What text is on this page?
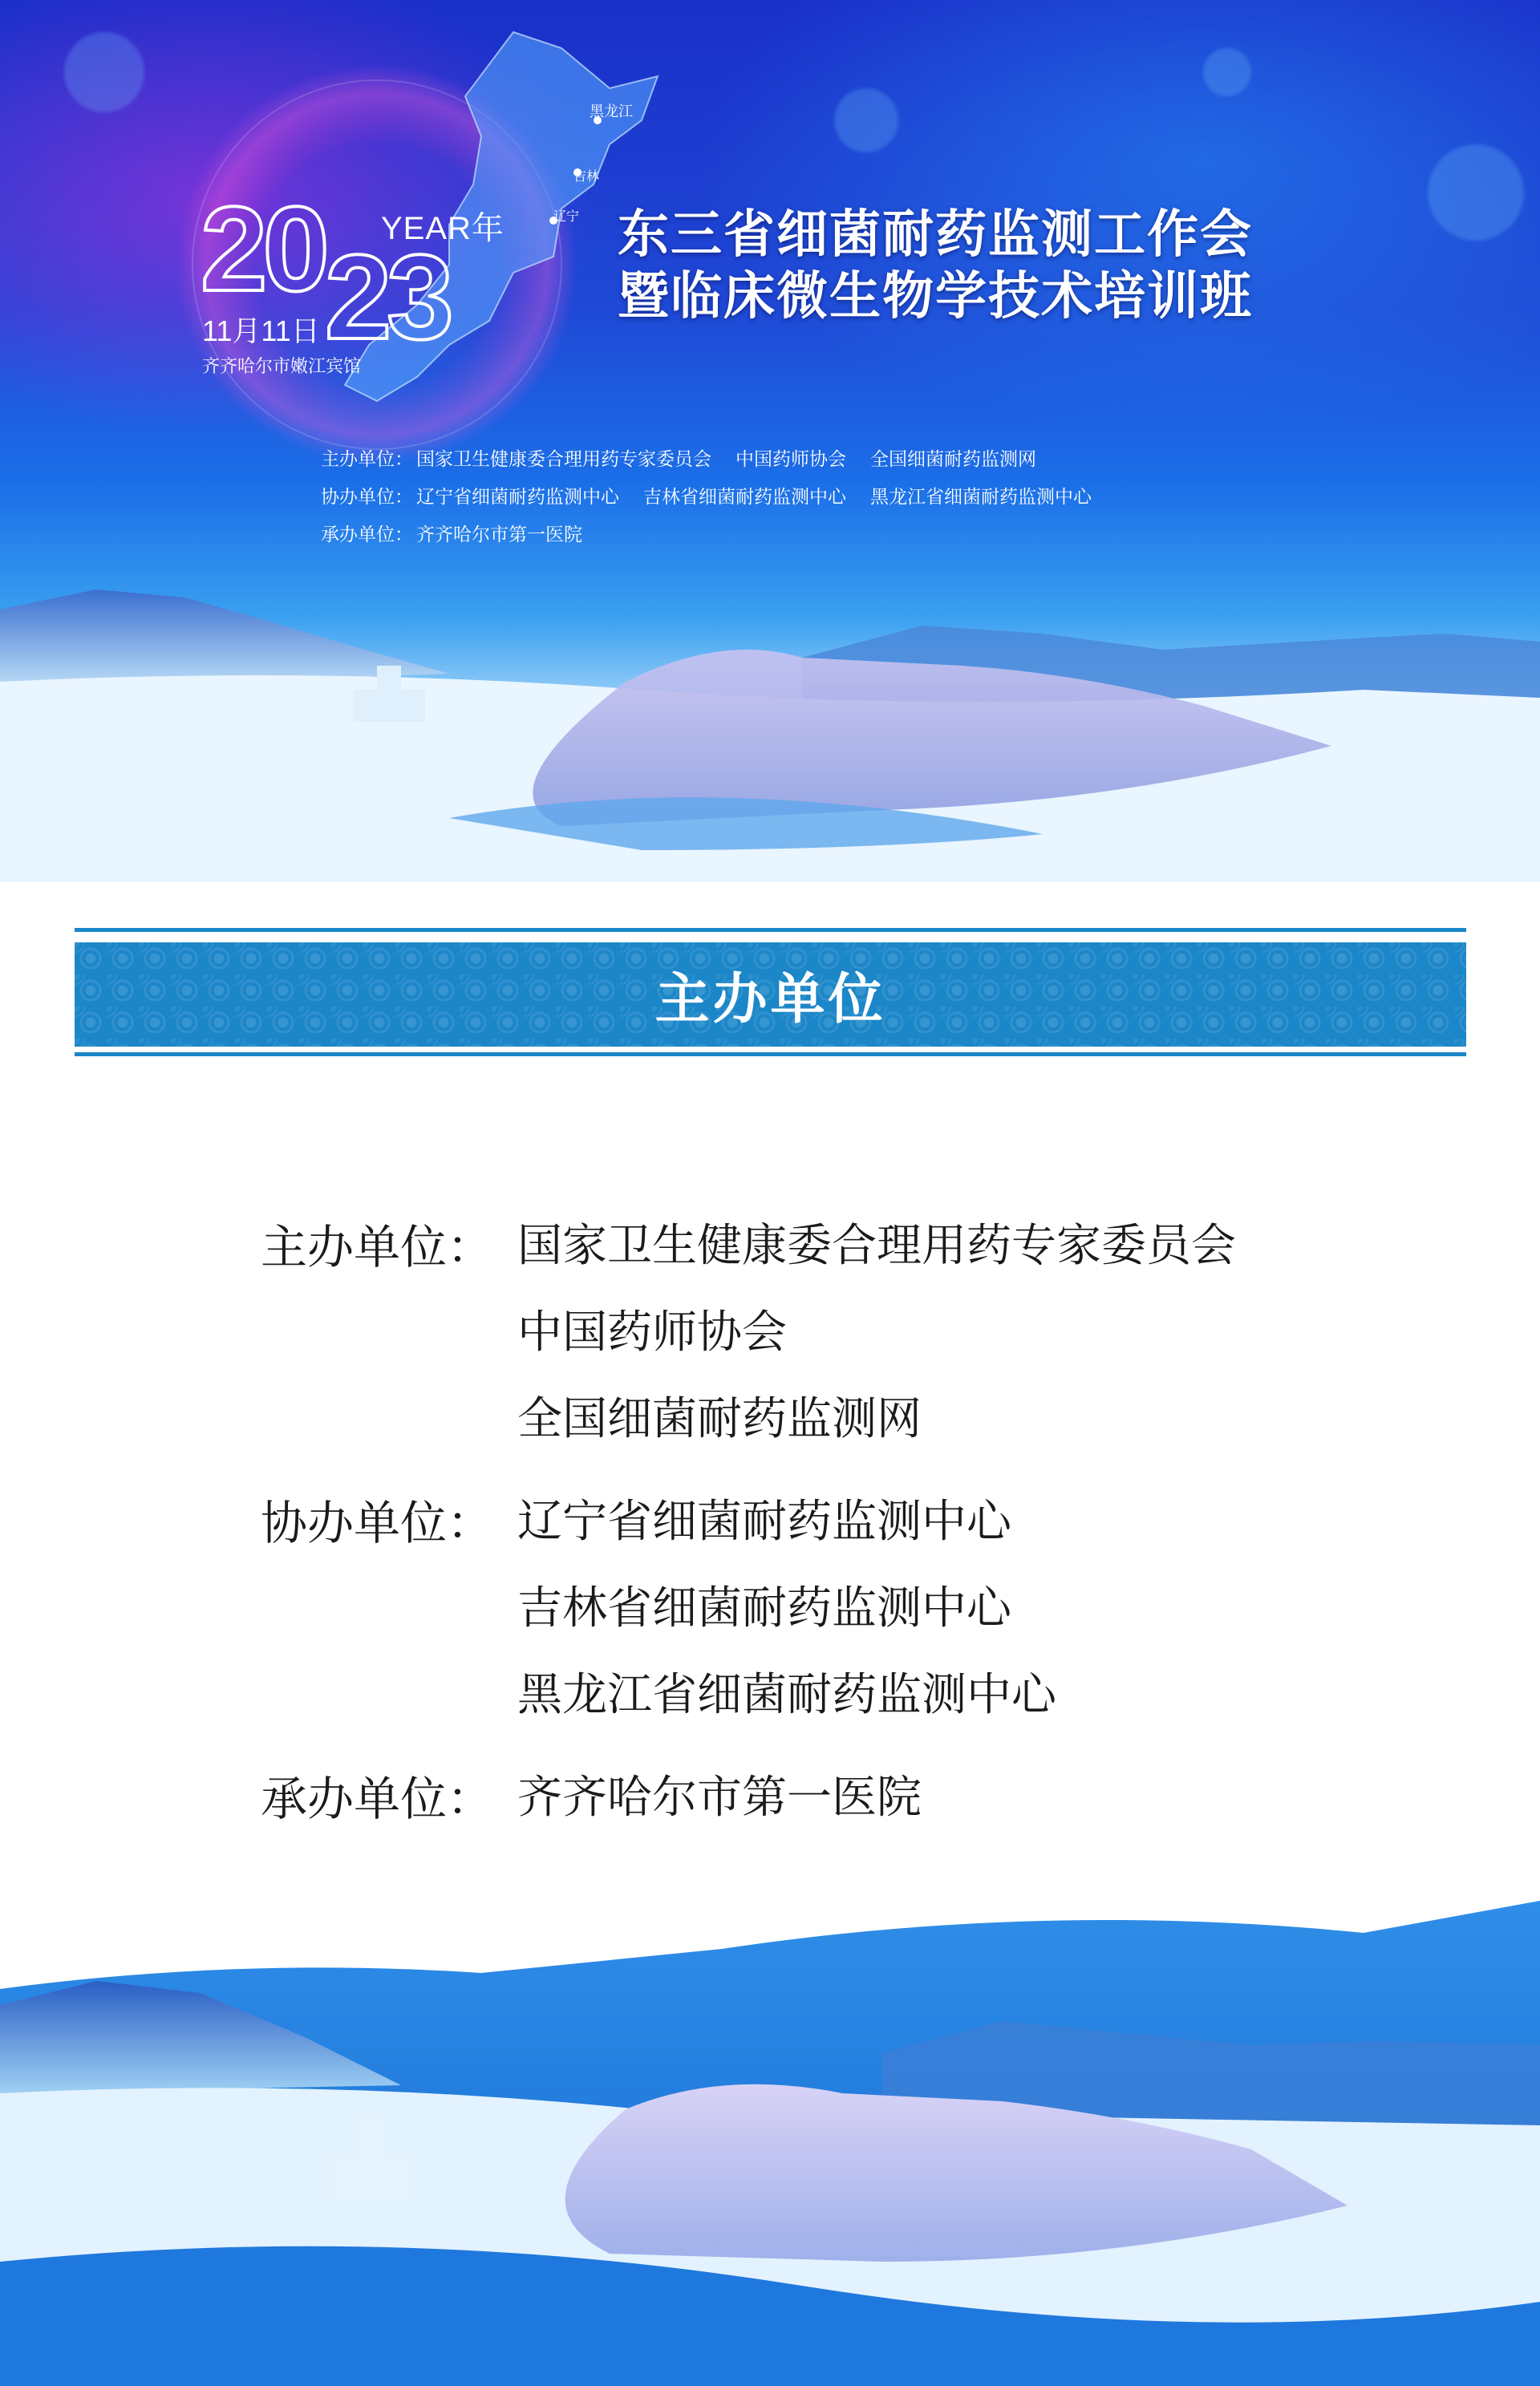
黑龙江
吉林
辽宁
2023
YEAR年
11月11日
齐齐哈尔市嫩江宾馆
东三省细菌耐药监测工作会
暨临床微生物学技术培训班
主办单位： 国家卫生健康委合理用药专家委员会 中国药师协会 全国细菌耐药监测网
协办单位： 辽宁省细菌耐药监测中心 吉林省细菌耐药监测中心 黑龙江省细菌耐药监测中心
承办单位： 齐齐哈尔市第一医院
主办单位
主办单位： 国家卫生健康委合理用药专家委员会
中国药师协会
全国细菌耐药监测网
协办单位： 辽宁省细菌耐药监测中心
吉林省细菌耐药监测中心
黑龙江省细菌耐药监测中心
承办单位： 齐齐哈尔市第一医院
